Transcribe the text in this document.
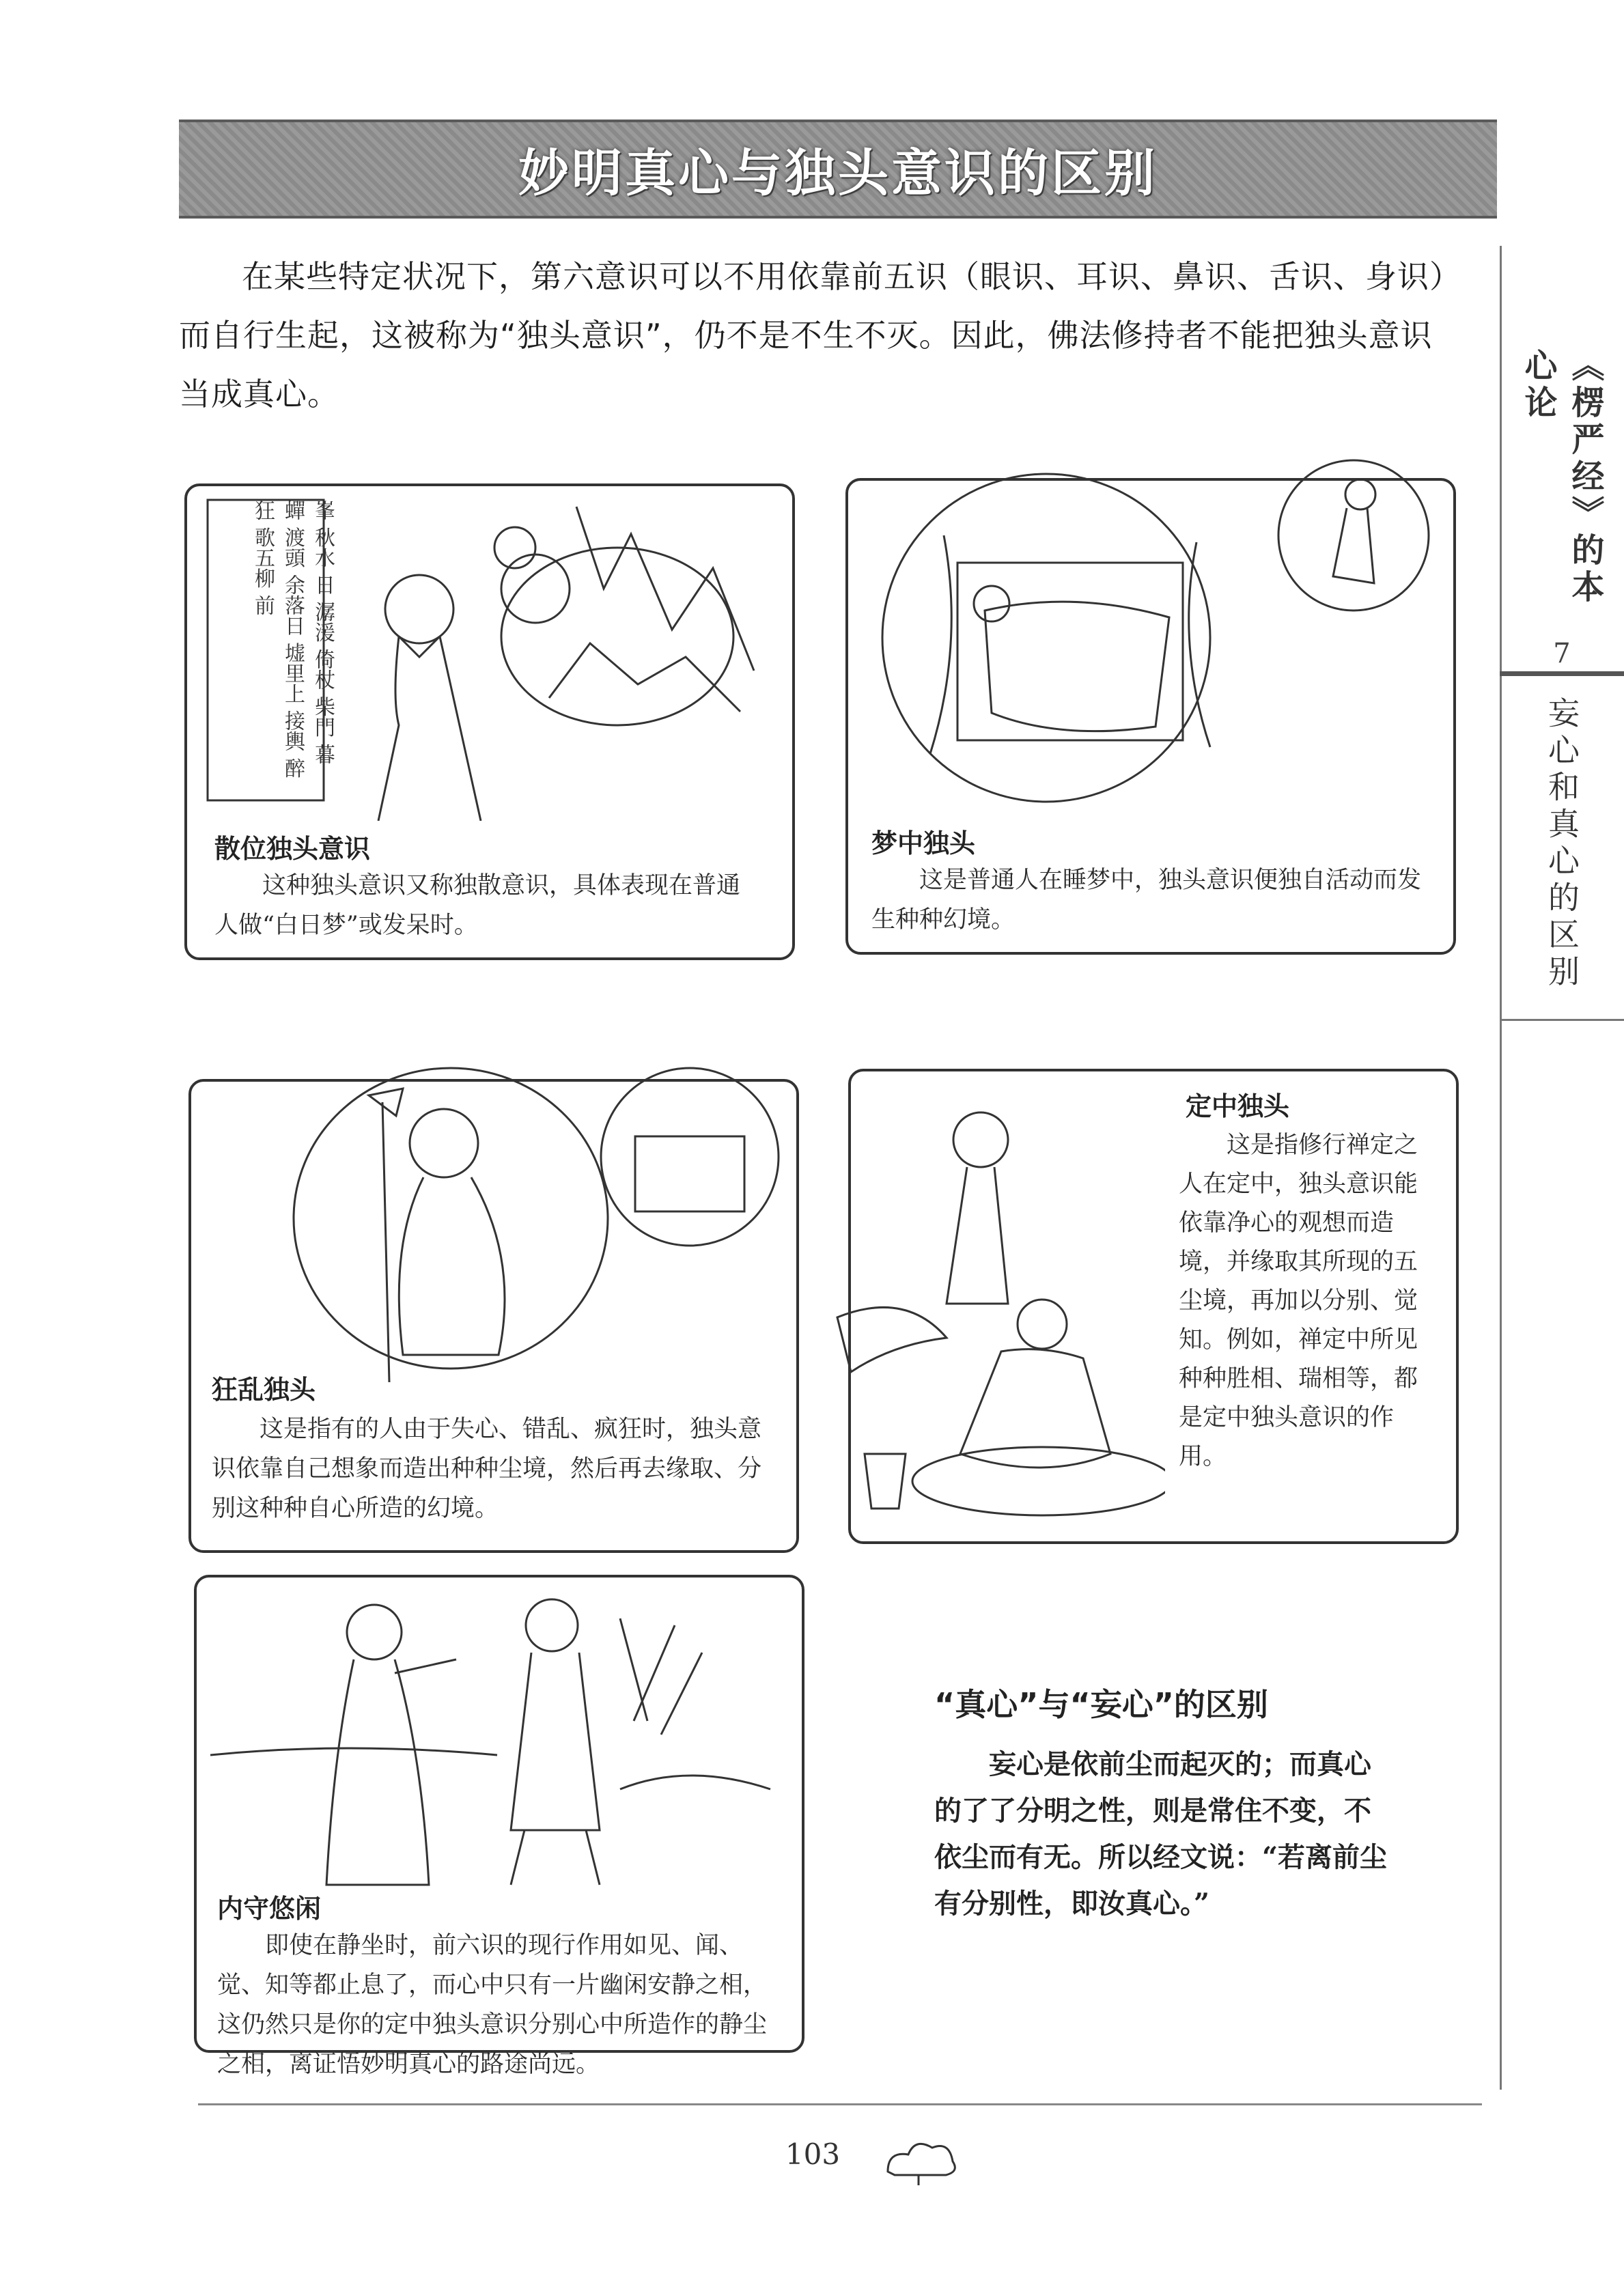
妙明真心与独头意识的区别
在某些特定状况下，第六意识可以不用依靠前五识（眼识、耳识、鼻识、舌识、身识）而自行生起，这被称为“独头意识”，仍不是不生不灭。因此，佛法修持者不能把独头意识当成真心。	《楞严经》的本心论
7
妄心和真心的区别
峯 秋水 日 潺湲 倚杖 柴門 暮 蟬 渡頭 余落日 墟里上 接輿 醉狂 歌五柳 前
散位独头意识
这种独头意识又称独散意识，具体表现在普通人做“白日梦”或发呆时。
梦中独头
这是普通人在睡梦中，独头意识便独自活动而发生种种幻境。
狂乱独头
这是指有的人由于失心、错乱、疯狂时，独头意识依靠自己想象而造出种种尘境，然后再去缘取、分别这种种自心所造的幻境。
定中独头
这是指修行禅定之人在定中，独头意识能依靠净心的观想而造境，并缘取其所现的五尘境，再加以分别、觉知。例如，禅定中所见种种胜相、瑞相等，都是定中独头意识的作用。
内守悠闲
即使在静坐时，前六识的现行作用如见、闻、觉、知等都止息了，而心中只有一片幽闲安静之相，这仍然只是你的定中独头意识分别心中所造作的静尘之相，离证悟妙明真心的路途尚远。
“真心”与“妄心”的区别
妄心是依前尘而起灭的；而真心的了了分明之性，则是常住不变，不依尘而有无。所以经文说：“若离前尘有分别性，即汝真心。”
103
